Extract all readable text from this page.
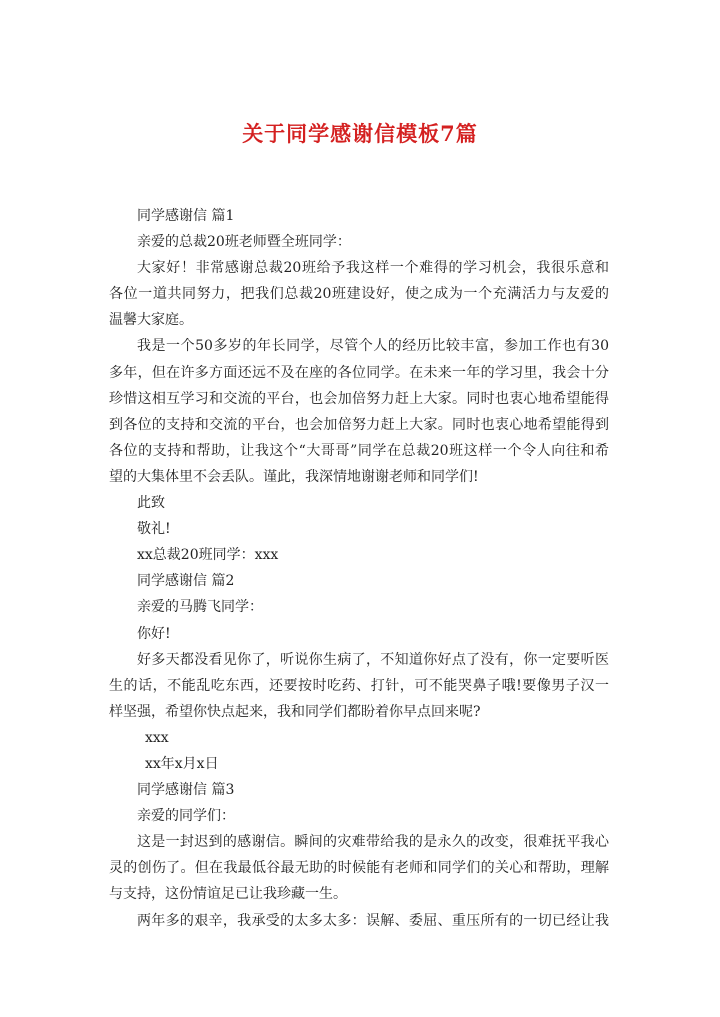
关于同学感谢信模板7篇
同学感谢信 篇1
亲爱的总裁20班老师暨全班同学：
大家好！非常感谢总裁20班给予我这样一个难得的学习机会，我很乐意和
各位一道共同努力，把我们总裁20班建设好，使之成为一个充满活力与友爱的
温馨大家庭。
我是一个50多岁的年长同学，尽管个人的经历比较丰富，参加工作也有30
多年，但在许多方面还远不及在座的各位同学。在未来一年的学习里，我会十分
珍惜这相互学习和交流的平台，也会加倍努力赶上大家。同时也衷心地希望能得
到各位的支持和交流的平台，也会加倍努力赶上大家。同时也衷心地希望能得到
各位的支持和帮助，让我这个“大哥哥”同学在总裁20班这样一个令人向往和希
望的大集体里不会丢队。谨此，我深情地谢谢老师和同学们!
此致
敬礼!
xx总裁20班同学：xxx
同学感谢信 篇2
亲爱的马腾飞同学：
你好!
好多天都没看见你了，听说你生病了，不知道你好点了没有，你一定要听医
生的话，不能乱吃东西，还要按时吃药、打针，可不能哭鼻子哦!要像男子汉一
样坚强，希望你快点起来，我和同学们都盼着你早点回来呢?
xxx
xx年x月x日
同学感谢信 篇3
亲爱的同学们：
这是一封迟到的感谢信。瞬间的灾难带给我的是永久的改变，很难抚平我心
灵的创伤了。但在我最低谷最无助的时候能有老师和同学们的关心和帮助，理解
与支持，这份情谊足已让我珍藏一生。
两年多的艰辛，我承受的太多太多：误解、委屈、重压所有的一切已经让我
